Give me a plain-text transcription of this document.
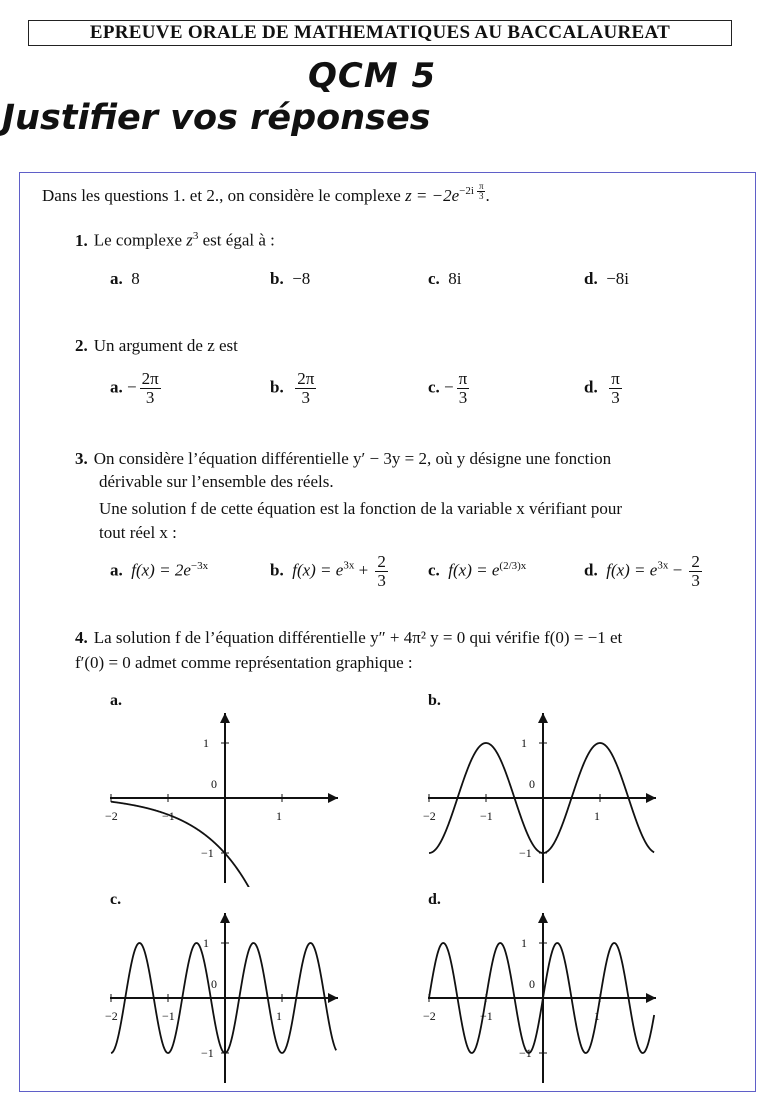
EPREUVE ORALE DE MATHEMATIQUES AU BACCALAUREAT
QCM 5
Justifier vos réponses
Dans les questions 1. et 2., on considère le complexe $z = -2e^{-2i \frac{\pi}{3}}$ .
1. Le complexe $z^3$ est égal à :
a. 8	b. −8	c. 8i	d. −8i
2. Un argument de z est
a. − $\frac{2\pi}{3}$	b. $\frac{2\pi}{3}$	c. − $\frac{\pi}{3}$	d. $\frac{\pi}{3}$
3. On considère l’équation différentielle y′ − 3y = 2, où y désigne une fonction
dérivable sur l’ensemble des réels.
Une solution f de cette équation est la fonction de la variable x vérifiant pour
tout réel x :
a. $f(x) = 2e^{-3x}$	b. $f(x) = e^{3x} + \frac{2}{3} c$. $f(x) = e^{(2/3)x}$	d. $f(x) = e^{3x} - \frac{2}{3}$
4. La solution f de l’équation différentielle y″ + 4π² y = 0 qui vérifie f(0) = −1 et
f′(0) = 0 admet comme représentation graphique :
a.	b.
c.	d.
−2	−1
0
1
1
−1
−2	−1
0
1
1
−1
−2	−1
0
1
1
−1
−2	−1
0
1
1
−1
